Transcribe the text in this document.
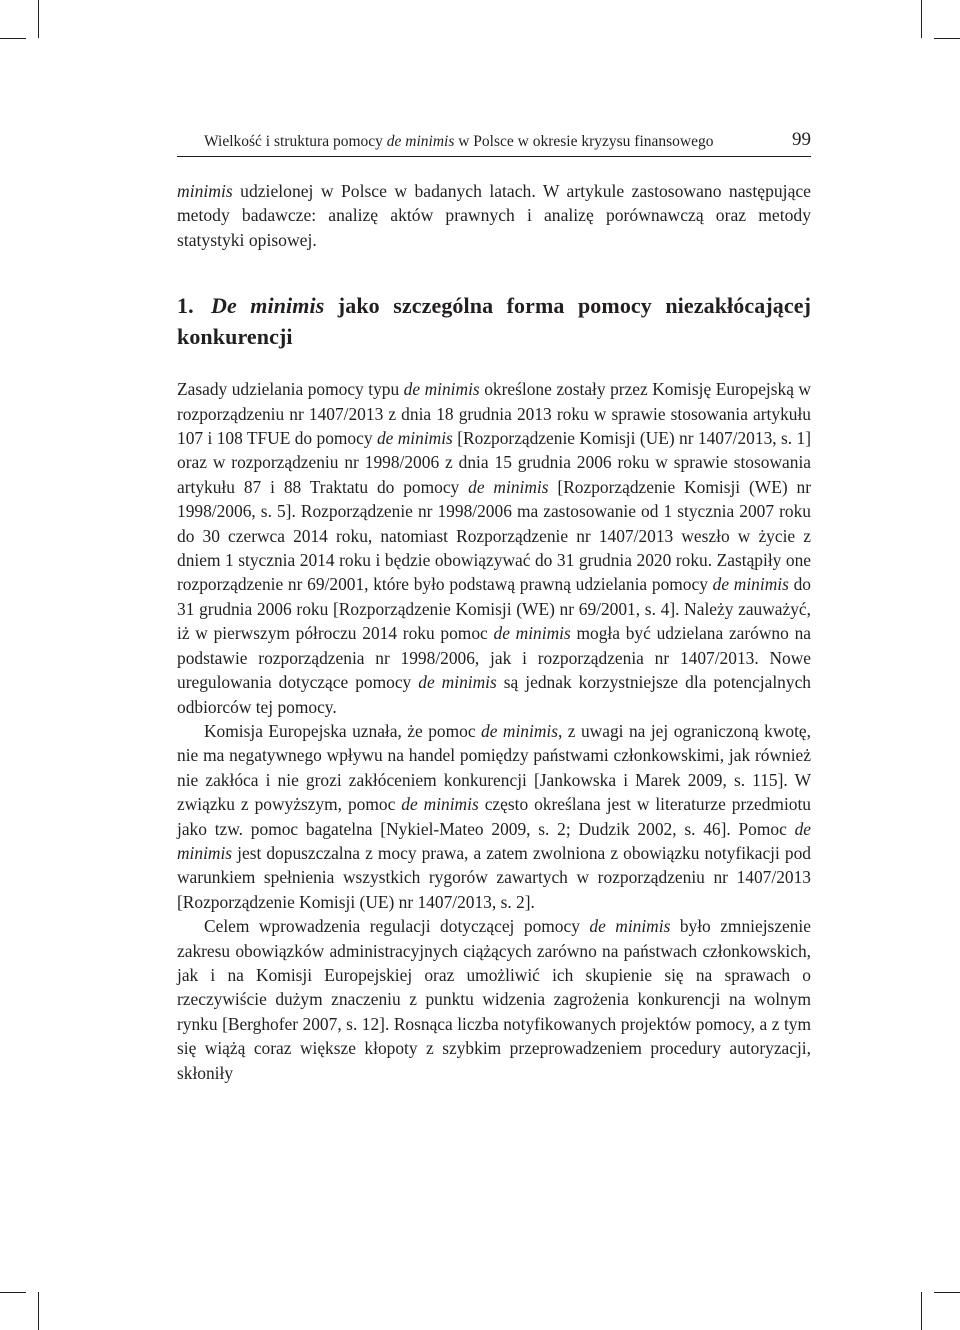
Wielkość i struktura pomocy de minimis w Polsce w okresie kryzysu finansowego	99

minimis udzielonej w Polsce w badanych latach. W artykule zastosowano następujące metody badawcze: analizę aktów prawnych i analizę porównawczą oraz metody statystyki opisowej.

1. De minimis jako szczególna forma pomocy niezakłócającej konkurencji

Zasady udzielania pomocy typu de minimis określone zostały przez Komisję Europejską w rozporządzeniu nr 1407/2013 z dnia 18 grudnia 2013 roku w sprawie stosowania artykułu 107 i 108 TFUE do pomocy de minimis [Rozporządzenie Komisji (UE) nr 1407/2013, s. 1] oraz w rozporządzeniu nr 1998/2006 z dnia 15 grudnia 2006 roku w sprawie stosowania artykułu 87 i 88 Traktatu do pomocy de minimis [Rozporządzenie Komisji (WE) nr 1998/2006, s. 5]. Rozporządzenie nr 1998/2006 ma zastosowanie od 1 stycznia 2007 roku do 30 czerwca 2014 roku, natomiast Rozporządzenie nr 1407/2013 weszło w życie z dniem 1 stycznia 2014 roku i będzie obowiązywać do 31 grudnia 2020 roku. Zastąpiły one rozporządzenie nr 69/2001, które było podstawą prawną udzielania pomocy de minimis do 31 grudnia 2006 roku [Rozporządzenie Komisji (WE) nr 69/2001, s. 4]. Należy zauważyć, iż w pierwszym półroczu 2014 roku pomoc de minimis mogła być udzielana zarówno na podstawie rozporządzenia nr 1998/2006, jak i rozporządzenia nr 1407/2013. Nowe uregulowania dotyczące pomocy de minimis są jednak korzystniejsze dla potencjalnych odbiorców tej pomocy.

Komisja Europejska uznała, że pomoc de minimis, z uwagi na jej ograniczoną kwotę, nie ma negatywnego wpływu na handel pomiędzy państwami członkowskimi, jak również nie zakłóca i nie grozi zakłóceniem konkurencji [Jankowska i Marek 2009, s. 115]. W związku z powyższym, pomoc de minimis często określana jest w literaturze przedmiotu jako tzw. pomoc bagatelna [Nykiel-Mateo 2009, s. 2; Dudzik 2002, s. 46]. Pomoc de minimis jest dopuszczalna z mocy prawa, a zatem zwolniona z obowiązku notyfikacji pod warunkiem spełnienia wszystkich rygorów zawartych w rozporządzeniu nr 1407/2013 [Rozporządzenie Komisji (UE) nr 1407/2013, s. 2].

Celem wprowadzenia regulacji dotyczącej pomocy de minimis było zmniejszenie zakresu obowiązków administracyjnych ciążących zarówno na państwach członkowskich, jak i na Komisji Europejskiej oraz umożliwić ich skupienie się na sprawach o rzeczywiście dużym znaczeniu z punktu widzenia zagrożenia konkurencji na wolnym rynku [Berghofer 2007, s. 12]. Rosnąca liczba notyfikowanych projektów pomocy, a z tym się wiążą coraz większe kłopoty z szybkim przeprowadzeniem procedury autoryzacji, skłoniły
